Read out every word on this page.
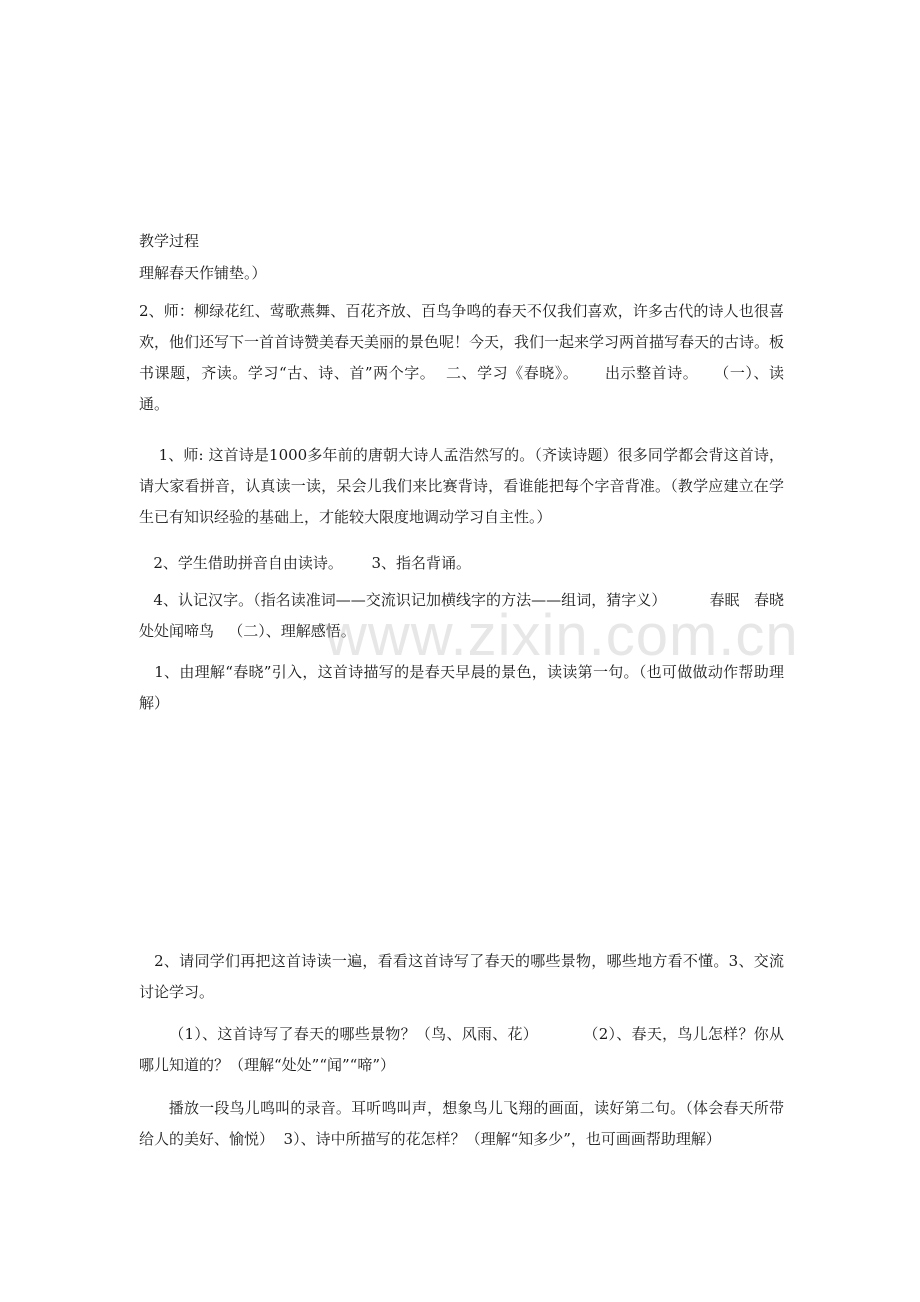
教学过程

理解春天作铺垫。）

2、师：柳绿花红、莺歌燕舞、百花齐放、百鸟争鸣的春天不仅我们喜欢，许多古代的诗人也很喜欢，他们还写下一首首诗赞美春天美丽的景色呢！今天，我们一起来学习两首描写春天的古诗。板书课题，齐读。学习“古、诗、首”两个字。  二、学习《春晓》。     出示整首诗。   （一）、读通。

1、师: 这首诗是1000多年前的唐朝大诗人孟浩然写的。（齐读诗题）很多同学都会背这首诗，请大家看拼音，认真读一读，呆会儿我们来比赛背诗，看谁能把每个字音背准。（教学应建立在学生已有知识经验的基础上，才能较大限度地调动学习自主性。）

2、学生借助拼音自由读诗。      3、指名背诵。

4、认记汉字。（指名读准词——交流识记加横线字的方法——组词，猜字义）         春眠   春晓处处闻啼鸟   （二）、理解感悟。

1、由理解“春晓”引入，这首诗描写的是春天早晨的景色，读读第一句。（也可做做动作帮助理解）

2、请同学们再把这首诗读一遍，看看这首诗写了春天的哪些景物，哪些地方看不懂。3、交流讨论学习。

（1）、这首诗写了春天的哪些景物？（鸟、风雨、花）         （2）、春天，鸟儿怎样？你从哪儿知道的？（理解“处处”“闻”“啼”）

播放一段鸟儿鸣叫的录音。耳听鸣叫声，想象鸟儿飞翔的画面，读好第二句。（体会春天所带给人的美好、愉悦）  3）、诗中所描写的花怎样？（理解“知多少”，也可画画帮助理解）

www.zixin.com.cn
